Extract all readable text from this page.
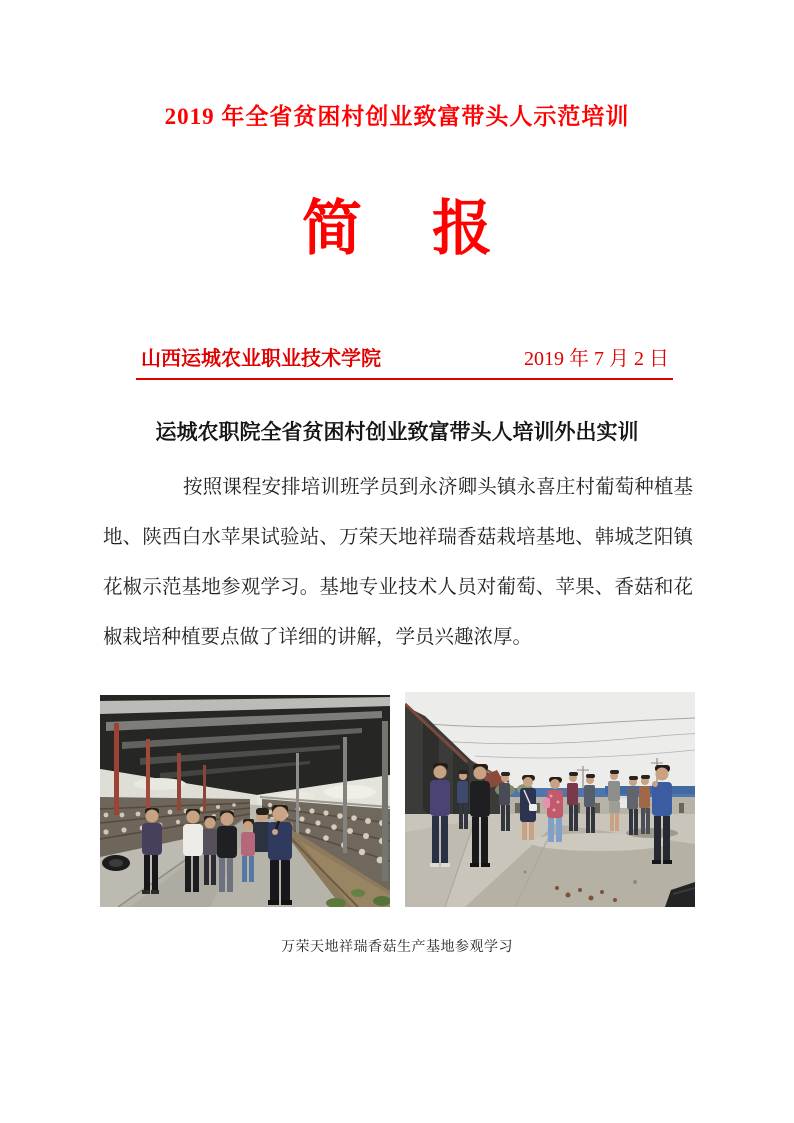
2019 年全省贫困村创业致富带头人示范培训
简 报
山西运城农业职业技术学院	2019 年 7 月 2 日
运城农职院全省贫困村创业致富带头人培训外出实训

按照课程安排培训班学员到永济卿头镇永喜庄村葡萄种植基地、陕西白水苹果试验站、万荣天地祥瑞香菇栽培基地、韩城芝阳镇花椒示范基地参观学习。基地专业技术人员对葡萄、苹果、香菇和花椒栽培种植要点做了详细的讲解，学员兴趣浓厚。

万荣天地祥瑞香菇生产基地参观学习
